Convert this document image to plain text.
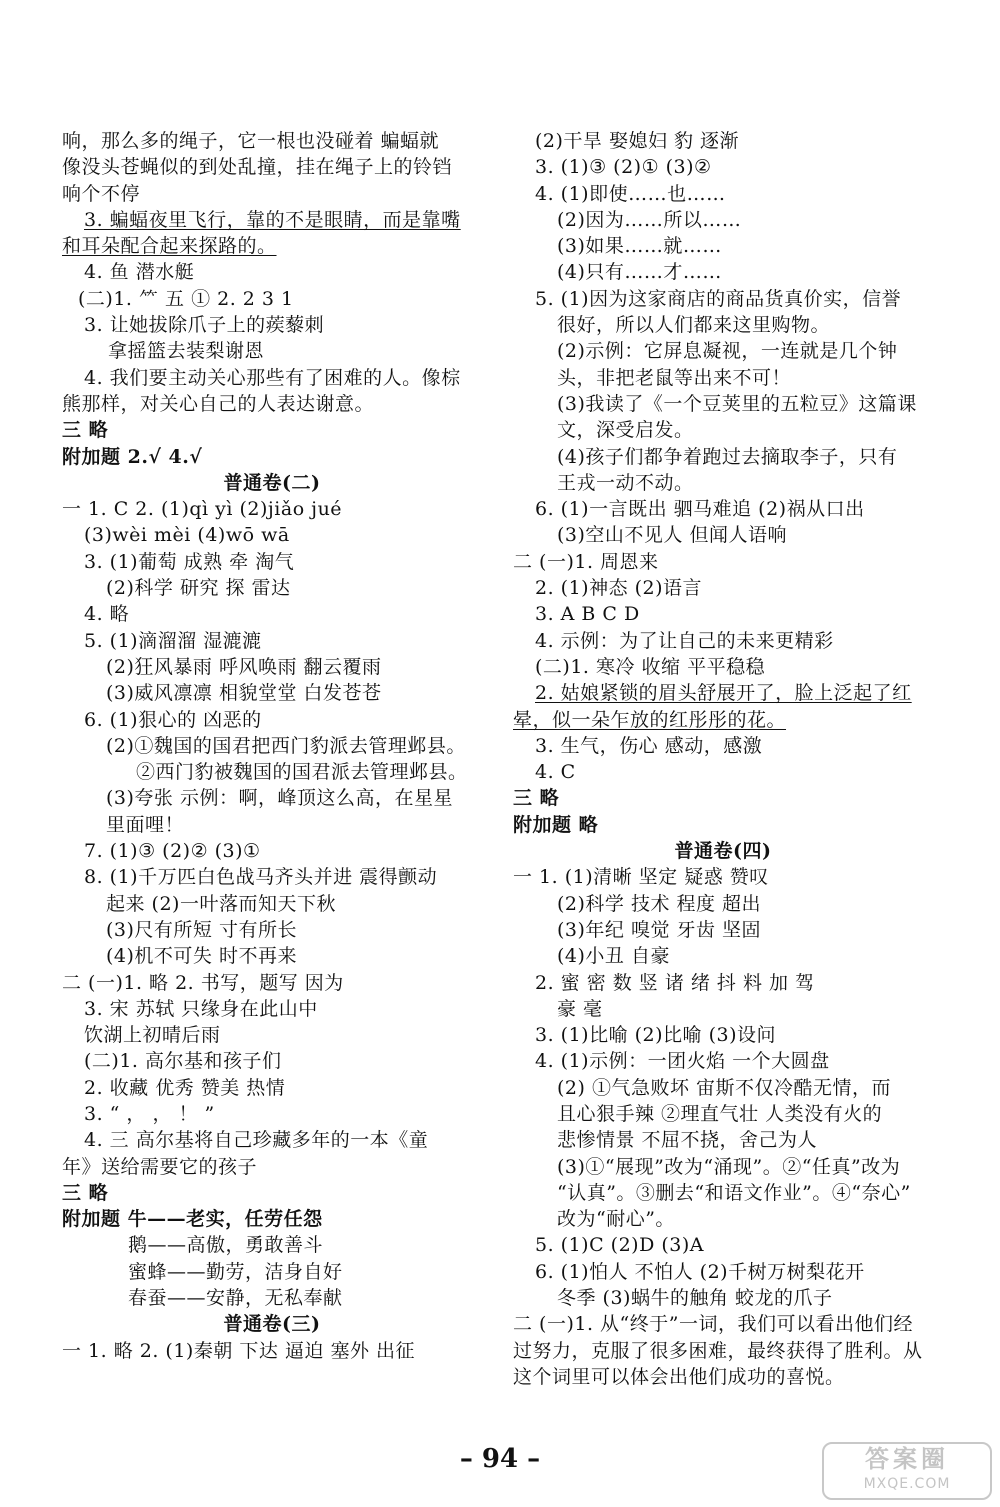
响，那么多的绳子，它一根也没碰着 蝙蝠就
像没头苍蝇似的到处乱撞，挂在绳子上的铃铛
响个不停
3. 蝙蝠夜里飞行，靠的不是眼睛，而是靠嘴
和耳朵配合起来探路的。
4. 鱼 潜水艇
(二)1. ⺮ 五 ① 2. 2 3 1
3. 让她拔除爪子上的蒺藜刺
拿摇篮去装梨谢恩
4. 我们要主动关心那些有了困难的人。像棕
熊那样，对关心自己的人表达谢意。
三 略
附加题 2.√ 4.√
普通卷(二)
一 1. C 2. (1)qì yì (2)jiǎo jué
(3)wèi mèi (4)wō wā
3. (1)葡萄 成熟 牵 淘气
(2)科学 研究 探 雷达
4. 略
5. (1)滴溜溜 湿漉漉
(2)狂风暴雨 呼风唤雨 翻云覆雨
(3)威风凛凛 相貌堂堂 白发苍苍
6. (1)狠心的 凶恶的
(2)①魏国的国君把西门豹派去管理邺县。
②西门豹被魏国的国君派去管理邺县。
(3)夸张 示例：啊，峰顶这么高，在星星
里面哩！
7. (1)③ (2)② (3)①
8. (1)千万匹白色战马齐头并进 震得颤动
起来 (2)一叶落而知天下秋
(3)尺有所短 寸有所长
(4)机不可失 时不再来
二 (一)1. 略 2. 书写，题写 因为
3. 宋 苏轼 只缘身在此山中
饮湖上初晴后雨
(二)1. 高尔基和孩子们
2. 收藏 优秀 赞美 热情
3. “ ， ， ！ ”
4. 三 高尔基将自己珍藏多年的一本《童
年》送给需要它的孩子
三 略
附加题 牛——老实，任劳任怨
鹅——高傲，勇敢善斗
蜜蜂——勤劳，洁身自好
春蚕——安静，无私奉献
普通卷(三)
一 1. 略 2. (1)秦朝 下达 逼迫 塞外 出征
(2)干旱 娶媳妇 豹 逐渐
3. (1)③ (2)① (3)②
4. (1)即使……也……
(2)因为……所以……
(3)如果……就……
(4)只有……才……
5. (1)因为这家商店的商品货真价实，信誉
很好，所以人们都来这里购物。
(2)示例：它屏息凝视，一连就是几个钟
头，非把老鼠等出来不可！
(3)我读了《一个豆荚里的五粒豆》这篇课
文，深受启发。
(4)孩子们都争着跑过去摘取李子，只有
王戎一动不动。
6. (1)一言既出 驷马难追 (2)祸从口出
(3)空山不见人 但闻人语响
二 (一)1. 周恩来
2. (1)神态 (2)语言
3. A B C D
4. 示例：为了让自己的未来更精彩
(二)1. 寒冷 收缩 平平稳稳
2. 姑娘紧锁的眉头舒展开了，脸上泛起了红
晕，似一朵乍放的红彤彤的花。
3. 生气，伤心 感动，感激
4. C
三 略
附加题 略
普通卷(四)
一 1. (1)清晰 坚定 疑惑 赞叹
(2)科学 技术 程度 超出
(3)年纪 嗅觉 牙齿 坚固
(4)小丑 自豪
2. 蜜 密 数 竖 诸 绪 抖 料 加 驾
豪 毫
3. (1)比喻 (2)比喻 (3)设问
4. (1)示例：一团火焰 一个大圆盘
(2) ①气急败坏 宙斯不仅冷酷无情，而
且心狠手辣 ②理直气壮 人类没有火的
悲惨情景 不屈不挠，舍己为人
(3)①“展现”改为“涌现”。②“任真”改为
“认真”。③删去“和语文作业”。④“奈心”
改为“耐心”。
5. (1)C (2)D (3)A
6. (1)怕人 不怕人 (2)千树万树梨花开
冬季 (3)蜗牛的触角 蛟龙的爪子
二 (一)1. 从“终于”一词，我们可以看出他们经
过努力，克服了很多困难，最终获得了胜利。从
这个词里可以体会出他们成功的喜悦。
– 94 –	答案圈
MXQE.COM
